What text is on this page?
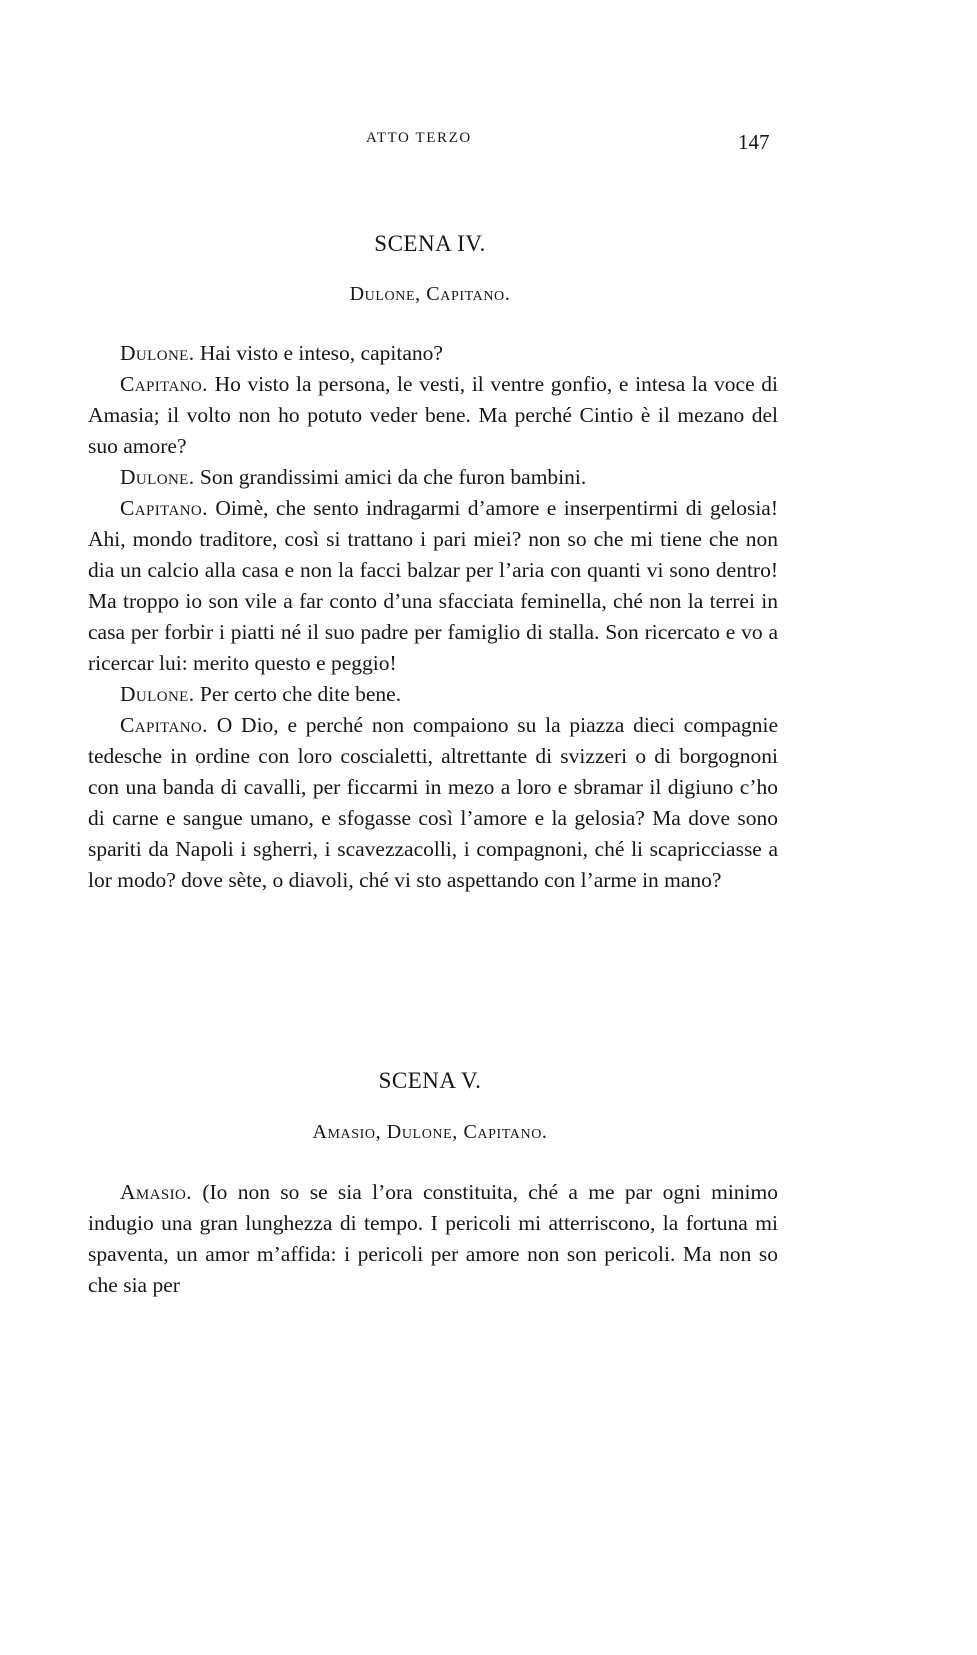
ATTO TERZO	147
SCENA IV.
Dulone, Capitano.

Dulone. Hai visto e inteso, capitano?

Capitano. Ho visto la persona, le vesti, il ventre gonfio, e intesa la voce di Amasia; il volto non ho potuto veder bene. Ma perché Cintio è il mezano del suo amore?

Dulone. Son grandissimi amici da che furon bambini.

Capitano. Oimè, che sento indragarmi d’amore e inserpentirmi di gelosia! Ahi, mondo traditore, così si trattano i pari miei? non so che mi tiene che non dia un calcio alla casa e non la facci balzar per l’aria con quanti vi sono dentro! Ma troppo io son vile a far conto d’una sfacciata feminella, ché non la terrei in casa per forbir i piatti né il suo padre per famiglio di stalla. Son ricercato e vo a ricercar lui: merito questo e peggio!

Dulone. Per certo che dite bene.

Capitano. O Dio, e perché non compaiono su la piazza dieci compagnie tedesche in ordine con loro coscialetti, altrettante di svizzeri o di borgognoni con una banda di cavalli, per ficcarmi in mezo a loro e sbramar il digiuno c’ho di carne e sangue umano, e sfogasse così l’amore e la gelosia? Ma dove sono spariti da Napoli i sgherri, i scavezzacolli, i compagnoni, ché li scapricciasse a lor modo? dove sète, o diavoli, ché vi sto aspettando con l’arme in mano?

SCENA V.
Amasio, Dulone, Capitano.

Amasio. (Io non so se sia l’ora constituita, ché a me par ogni minimo indugio una gran lunghezza di tempo. I pericoli mi atterriscono, la fortuna mi spaventa, un amor m’affida: i pericoli per amore non son pericoli. Ma non so che sia per
